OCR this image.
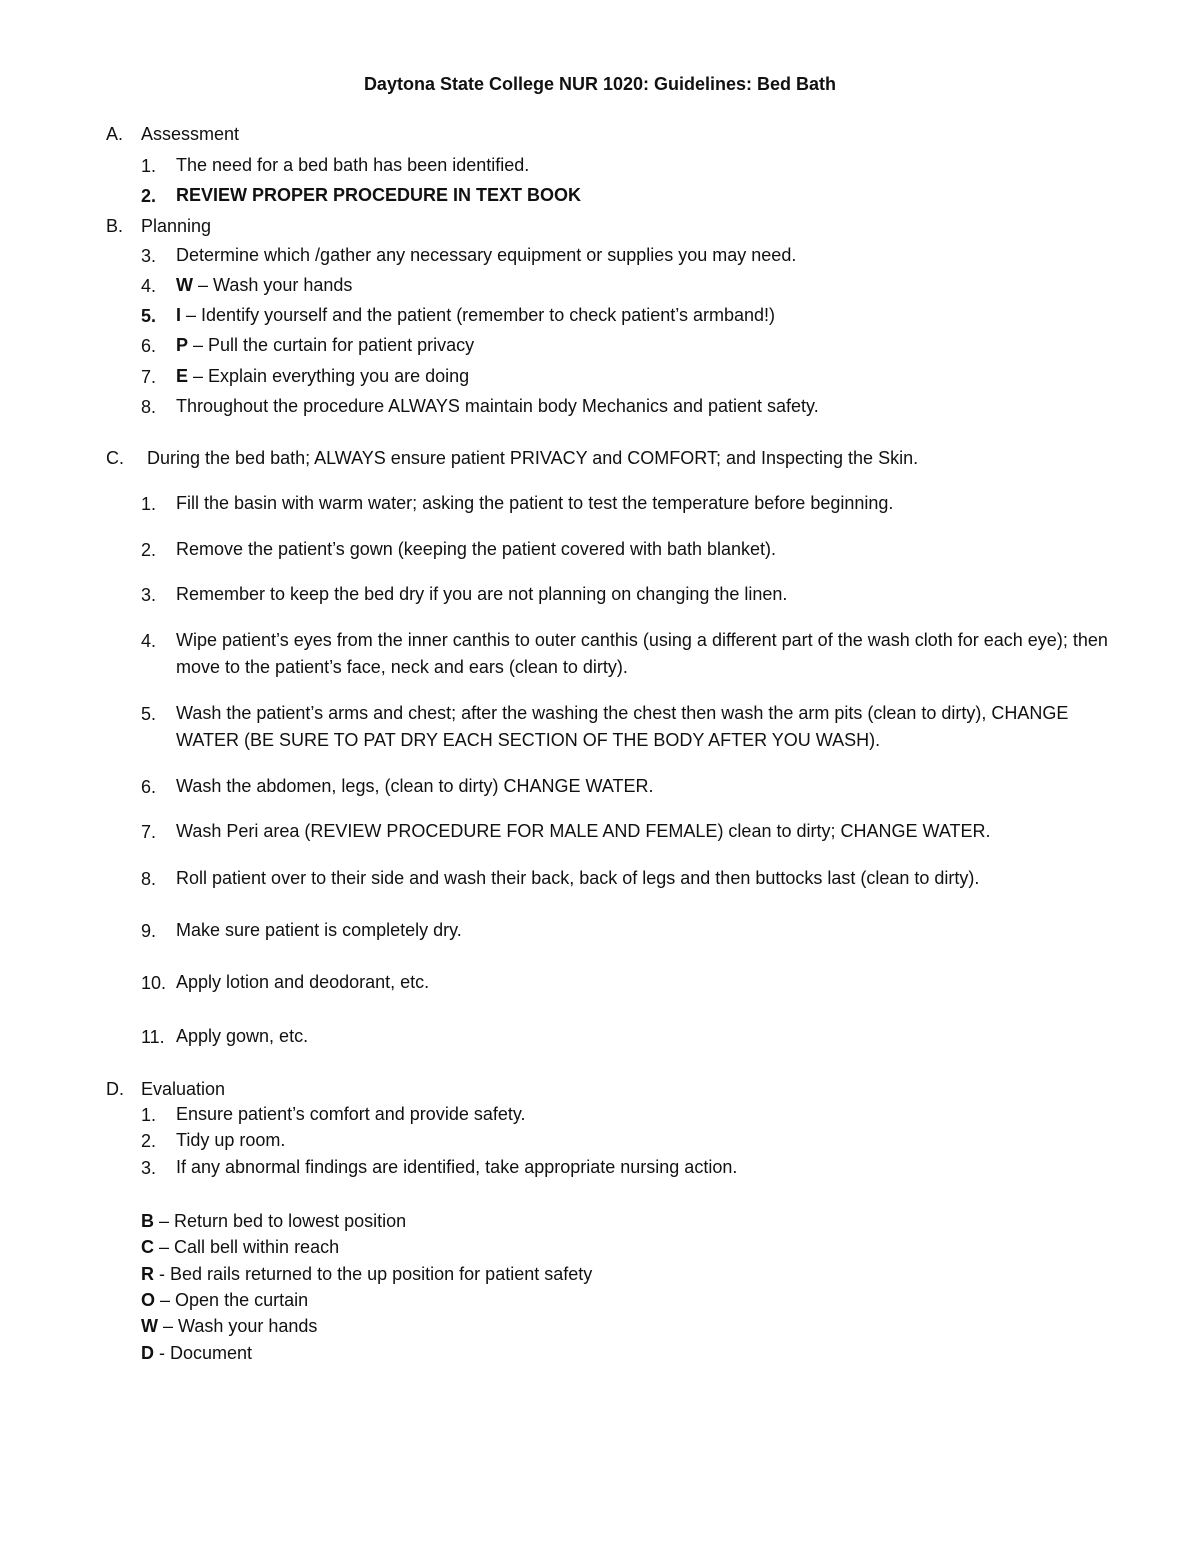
Daytona State College NUR 1020: Guidelines: Bed Bath
A. Assessment
1.	The need for a bed bath has been identified.
2.	REVIEW PROPER PROCEDURE IN TEXT BOOK
B. Planning
3.	Determine which /gather any necessary equipment or supplies you may need.
4.	W – Wash your hands
5.	I – Identify yourself and the patient (remember to check patient’s armband!)
6.	P – Pull the curtain for patient privacy
7.	E – Explain everything you are doing
8.	Throughout the procedure ALWAYS maintain body Mechanics and patient safety.
C. During the bed bath; ALWAYS ensure patient PRIVACY and COMFORT; and Inspecting the Skin.
1.	Fill the basin with warm water; asking the patient to test the temperature before beginning.
2.	Remove the patient’s gown (keeping the patient covered with bath blanket).
3.	Remember to keep the bed dry if you are not planning on changing the linen.
4.	Wipe patient’s eyes from the inner canthis to outer canthis (using a different part of the wash cloth for each eye); then move to the patient’s face, neck and ears (clean to dirty).
5.	Wash the patient’s arms and chest; after the washing the chest then wash the arm pits (clean to dirty), CHANGE WATER (BE SURE TO PAT DRY EACH SECTION OF THE BODY AFTER YOU WASH).
6.	Wash the abdomen, legs, (clean to dirty) CHANGE WATER.
7.	Wash Peri area (REVIEW PROCEDURE FOR MALE AND FEMALE) clean to dirty; CHANGE WATER.
8.	Roll patient over to their side and wash their back, back of legs and then buttocks last (clean to dirty).
9.	Make sure patient is completely dry.
10. Apply lotion and deodorant, etc.
11. Apply gown, etc.
D. Evaluation
1.	Ensure patient’s comfort and provide safety.
2.	Tidy up room.
3.	If any abnormal findings are identified, take appropriate nursing action.
B – Return bed to lowest position
C – Call bell within reach
R - Bed rails returned to the up position for patient safety
O – Open the curtain
W – Wash your hands
D - Document
